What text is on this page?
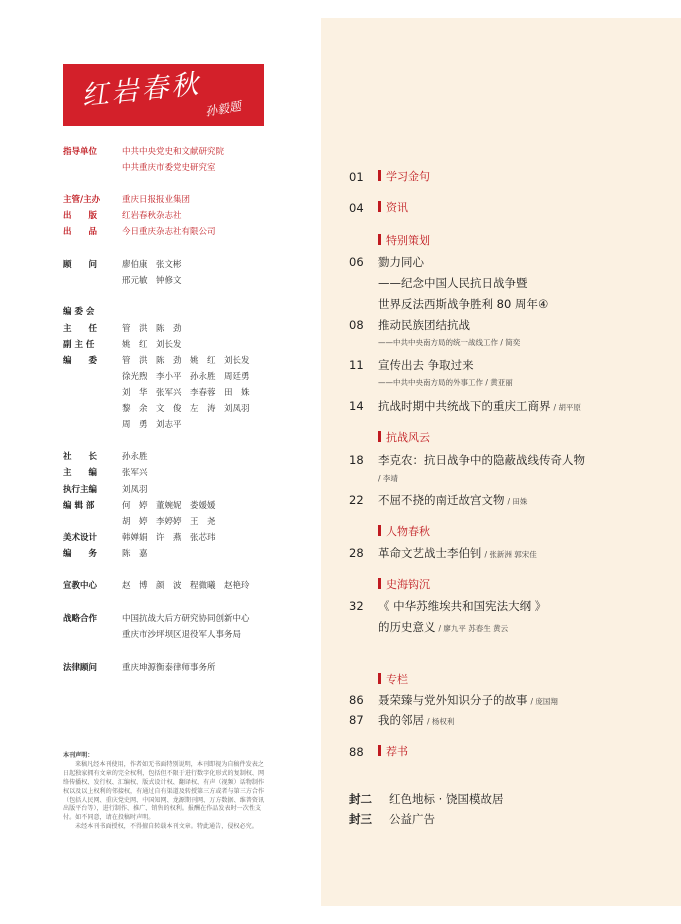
红岩春秋 孙毅题
指导单位	中共中央党史和文献研究院
中共重庆市委党史研究室
主管/主办	重庆日报报业集团
出　　版	红岩春秋杂志社
出　　品	今日重庆杂志社有限公司
顾　　问	廖伯康　张文彬
邢元敏　钟修文
编 委 会
主　　任	管　洪　陈　劲
副 主 任	姚　红　刘长发
编　　委	管　洪　陈　劲　姚　红　刘长发
徐光煦　李小平　孙永胜　周廷勇
刘　华　张军兴　李春蓉　田　姝
黎　余　文　俊　左　涛　刘凤羽
周　勇　刘志平
社　　长	孙永胜
主　　编	张军兴
执行主编	刘凤羽
编 辑 部	何　婷　董婉妮　娄媛媛
胡　婷　李婷婷　王　尧
美术设计	韩婵娟　许　燕　张芯玮
编　　务	陈　嘉
宣教中心	赵　博　颜　波　程微曦　赵艳玲
战略合作	中国抗战大后方研究协同创新中心
重庆市沙坪坝区退役军人事务局
法律顾问	重庆坤源衡泰律师事务所
本刊声明：

来稿凡经本刊使用，作者如无书面特别说明，本刊即视为自稿件发表之日起独家拥有文章的完全权利，包括但不限于进行数字化形式的复制权、网络传播权、发行权、汇编权、版式设计权、翻译权、有声（视频）话物制作权以及以上权利的邻接权，有通过自有渠道及转授第三方或者与第三方合作（包括人民网、重庆党史网、中国知网、龙源期刊网、万方数据、维普资讯出版平台等），进行制作、推广、销售的权利。报酬在作品发表时一次性支付。如不同意，请在投稿时声明。

未经本刊书面授权，不得擅自转载本刊文章。特此通告，侵权必究。

01	学习金句
04	资讯
特别策划
06 勠力同心
——纪念中国人民抗日战争暨
世界反法西斯战争胜利 80 周年④
08 推动民族团结抗战
——中共中央南方局的统一战线工作 / 简奕
11 宣传出去 争取过来
——中共中央南方局的外事工作 / 黄亚丽
14 抗战时期中共统战下的重庆工商界 / 胡平原
抗战风云
18 李克农：抗日战争中的隐蔽战线传奇人物
/ 李靖
22 不屈不挠的南迁故宫文物 / 田姝
人物春秋
28 革命文艺战士李伯钊 / 张新洲 郭宋佳
史海钩沉
32 《 中华苏维埃共和国宪法大纲 》
的历史意义 / 廖九平 苏春生 黄云
专栏
86 聂荣臻与党外知识分子的故事 / 庞国翔
87 我的邻居 / 杨权利
88	荐书
封二 红色地标 · 饶国模故居
封三 公益广告
